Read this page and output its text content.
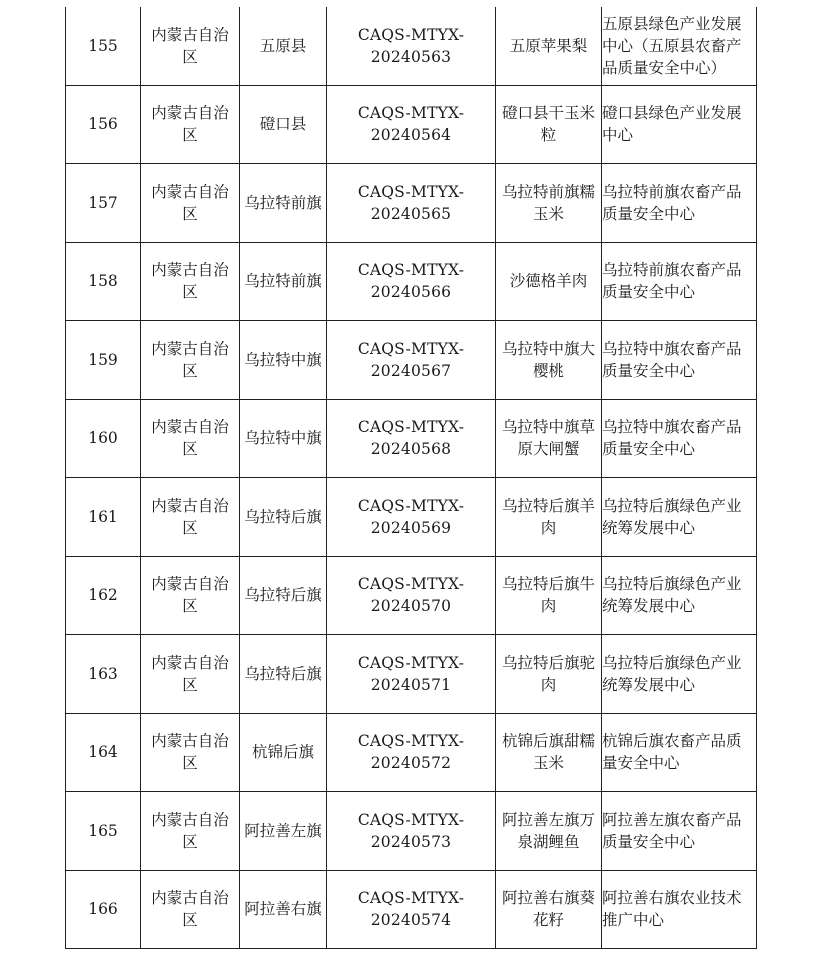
155	内蒙古自治区	五原县	CAQS-MTYX-20240563	五原苹果梨	五原县绿色产业发展中心（五原县农畜产品质量安全中心）
156	内蒙古自治区	磴口县	CAQS-MTYX-20240564	磴口县干玉米粒	磴口县绿色产业发展中心
157	内蒙古自治区	乌拉特前旗	CAQS-MTYX-20240565	乌拉特前旗糯玉米	乌拉特前旗农畜产品质量安全中心
158	内蒙古自治区	乌拉特前旗	CAQS-MTYX-20240566	沙德格羊肉	乌拉特前旗农畜产品质量安全中心
159	内蒙古自治区	乌拉特中旗	CAQS-MTYX-20240567	乌拉特中旗大樱桃	乌拉特中旗农畜产品质量安全中心
160	内蒙古自治区	乌拉特中旗	CAQS-MTYX-20240568	乌拉特中旗草原大闸蟹	乌拉特中旗农畜产品质量安全中心
161	内蒙古自治区	乌拉特后旗	CAQS-MTYX-20240569	乌拉特后旗羊肉	乌拉特后旗绿色产业统筹发展中心
162	内蒙古自治区	乌拉特后旗	CAQS-MTYX-20240570	乌拉特后旗牛肉	乌拉特后旗绿色产业统筹发展中心
163	内蒙古自治区	乌拉特后旗	CAQS-MTYX-20240571	乌拉特后旗驼肉	乌拉特后旗绿色产业统筹发展中心
164	内蒙古自治区	杭锦后旗	CAQS-MTYX-20240572	杭锦后旗甜糯玉米	杭锦后旗农畜产品质量安全中心
165	内蒙古自治区	阿拉善左旗	CAQS-MTYX-20240573	阿拉善左旗万泉湖鲤鱼	阿拉善左旗农畜产品质量安全中心
166	内蒙古自治区	阿拉善右旗	CAQS-MTYX-20240574	阿拉善右旗葵花籽	阿拉善右旗农业技术推广中心
